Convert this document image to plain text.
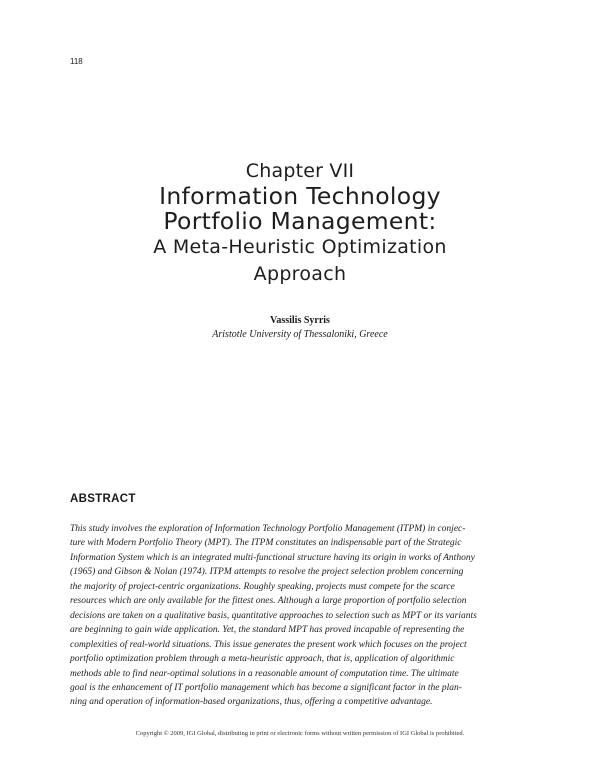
118
Chapter VII
Information Technology
Portfolio Management:
A Meta-Heuristic Optimization
Approach
Vassilis Syrris
Aristotle University of Thessaloniki, Greece
ABSTRACT
This study involves the exploration of Information Technology Portfolio Management (ITPM) in conjec-
ture with Modern Portfolio Theory (MPT). The ITPM constitutes an indispensable part of the Strategic
Information System which is an integrated multi-functional structure having its origin in works of Anthony
(1965) and Gibson & Nolan (1974). ITPM attempts to resolve the project selection problem concerning
the majority of project-centric organizations. Roughly speaking, projects must compete for the scarce
resources which are only available for the fittest ones. Although a large proportion of portfolio selection
decisions are taken on a qualitative basis, quantitative approaches to selection such as MPT or its variants
are beginning to gain wide application. Yet, the standard MPT has proved incapable of representing the
complexities of real-world situations. This issue generates the present work which focuses on the project
portfolio optimization problem through a meta-heuristic approach, that is, application of algorithmic
methods able to find near-optimal solutions in a reasonable amount of computation time. The ultimate
goal is the enhancement of IT portfolio management which has become a significant factor in the plan-
ning and operation of information-based organizations, thus, offering a competitive advantage.
Copyright © 2009, IGI Global, distributing in print or electronic forms without written permission of IGI Global is prohibited.
